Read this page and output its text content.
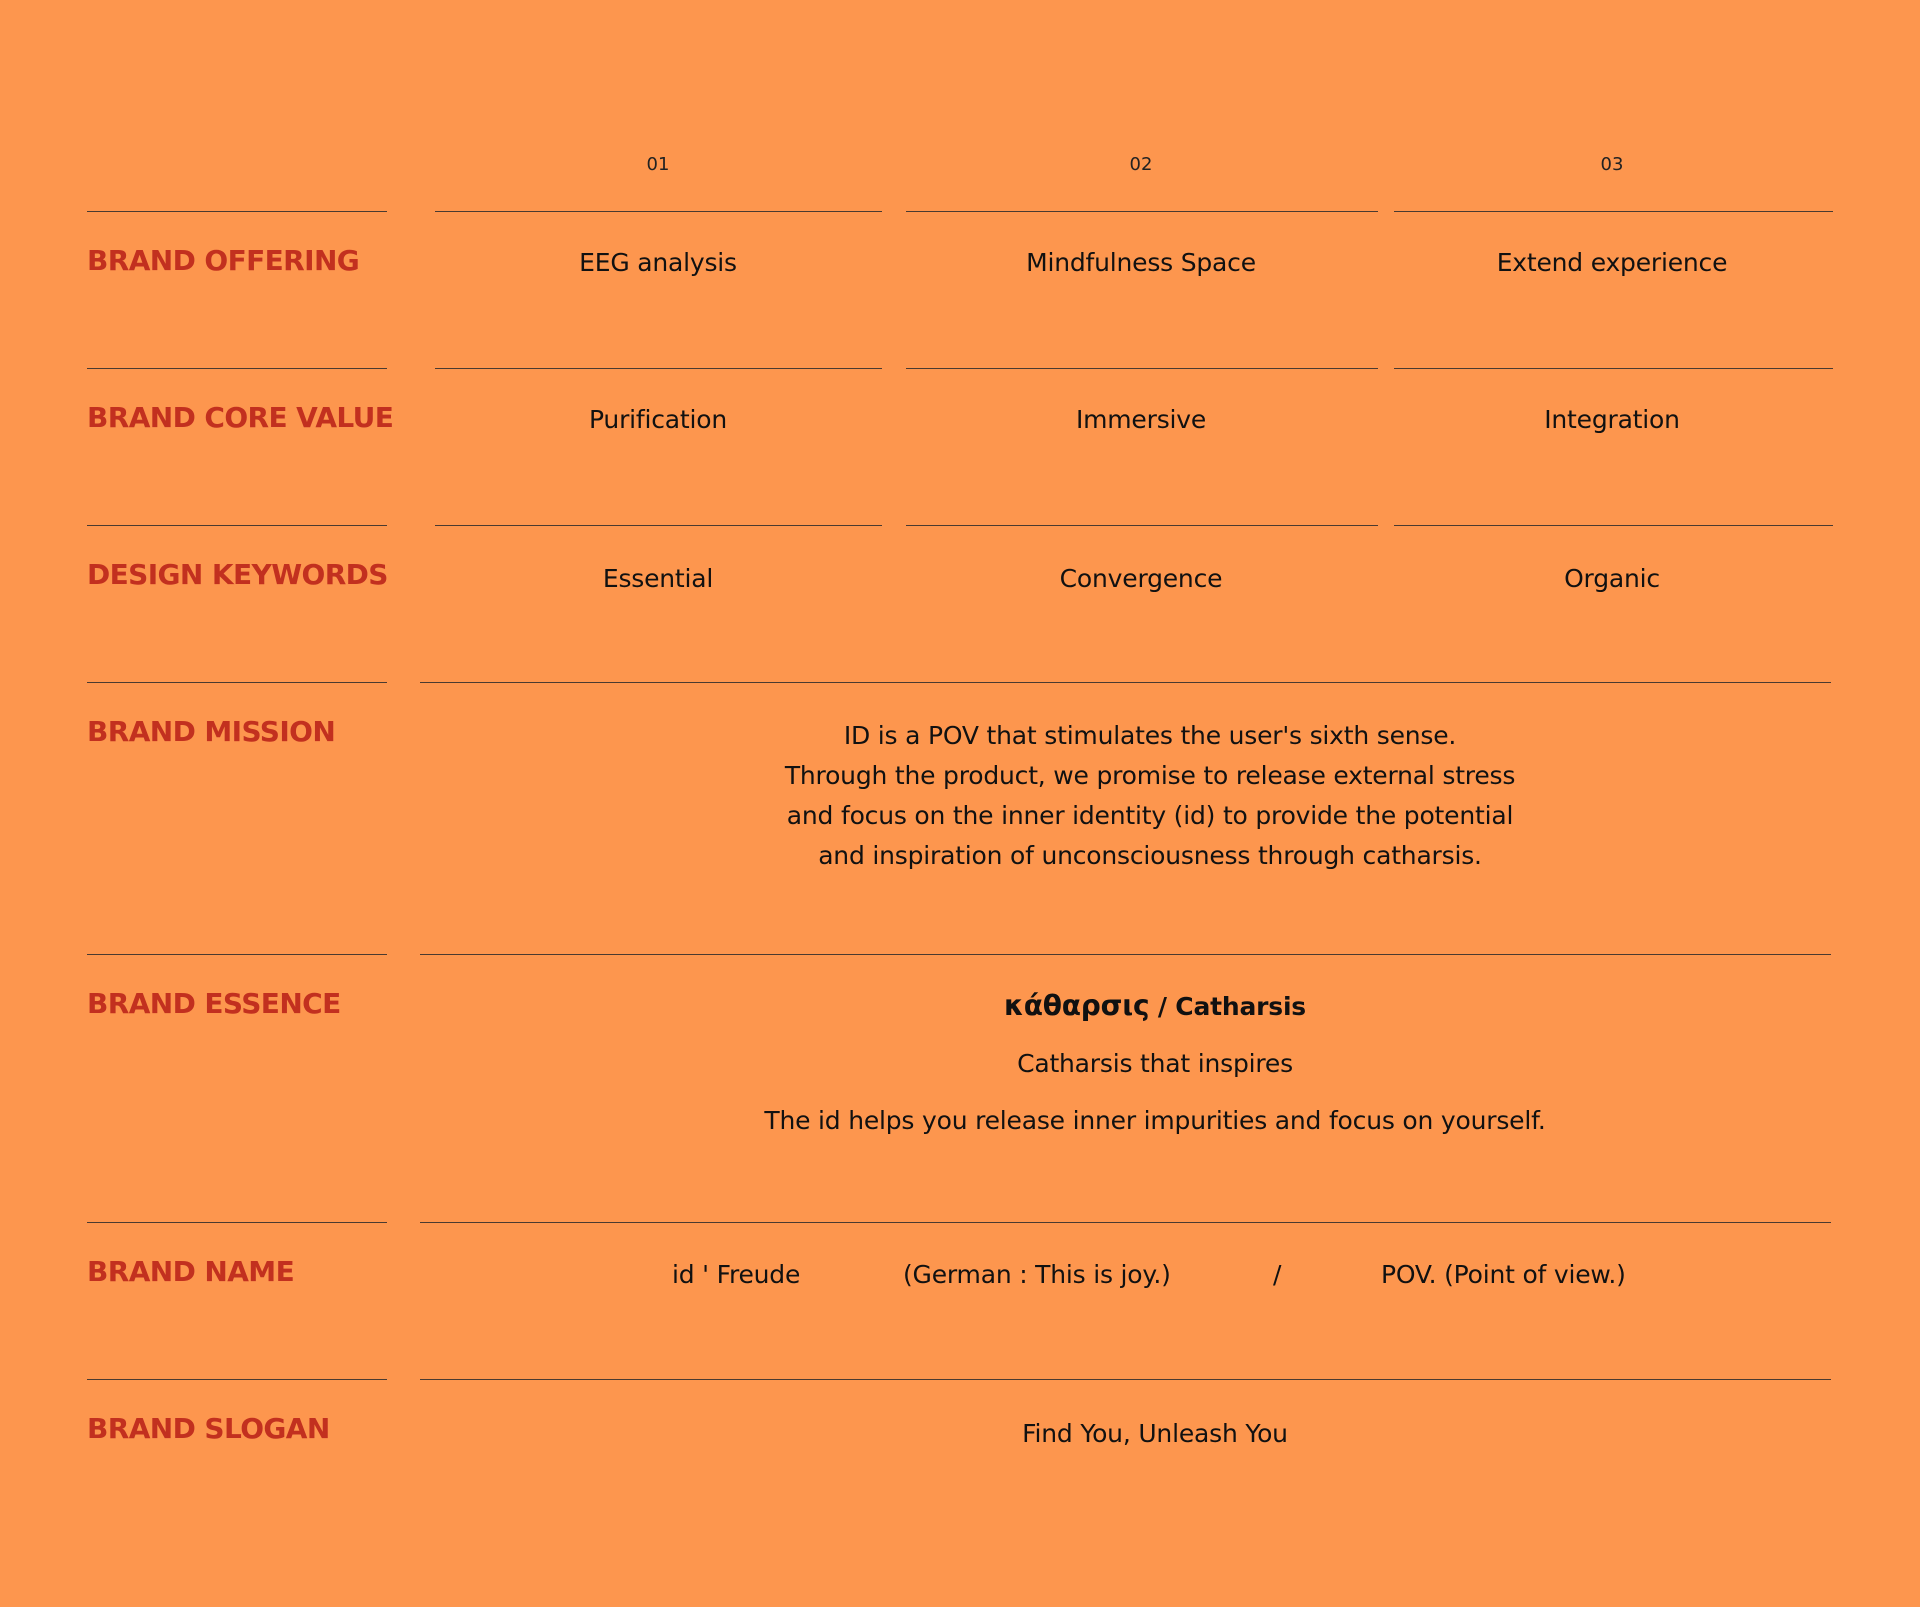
01	02	03
BRAND OFFERING	EEG analysis	Mindfulness Space	Extend experience
BRAND CORE VALUE	Purification	Immersive	Integration
DESIGN KEYWORDS	Essential	Convergence	Organic
BRAND MISSION	ID is a POV that stimulates the user's sixth sense.
Through the product, we promise to release external stress
and focus on the inner identity (id) to provide the potential
and inspiration of unconsciousness through catharsis.
BRAND ESSENCE	κάθαρσις / Catharsis
Catharsis that inspires
The id helps you release inner impurities and focus on yourself.
BRAND NAME	id ' Freude	(German : This is joy.)	/	POV. (Point of view.)
BRAND SLOGAN	Find You, Unleash You
